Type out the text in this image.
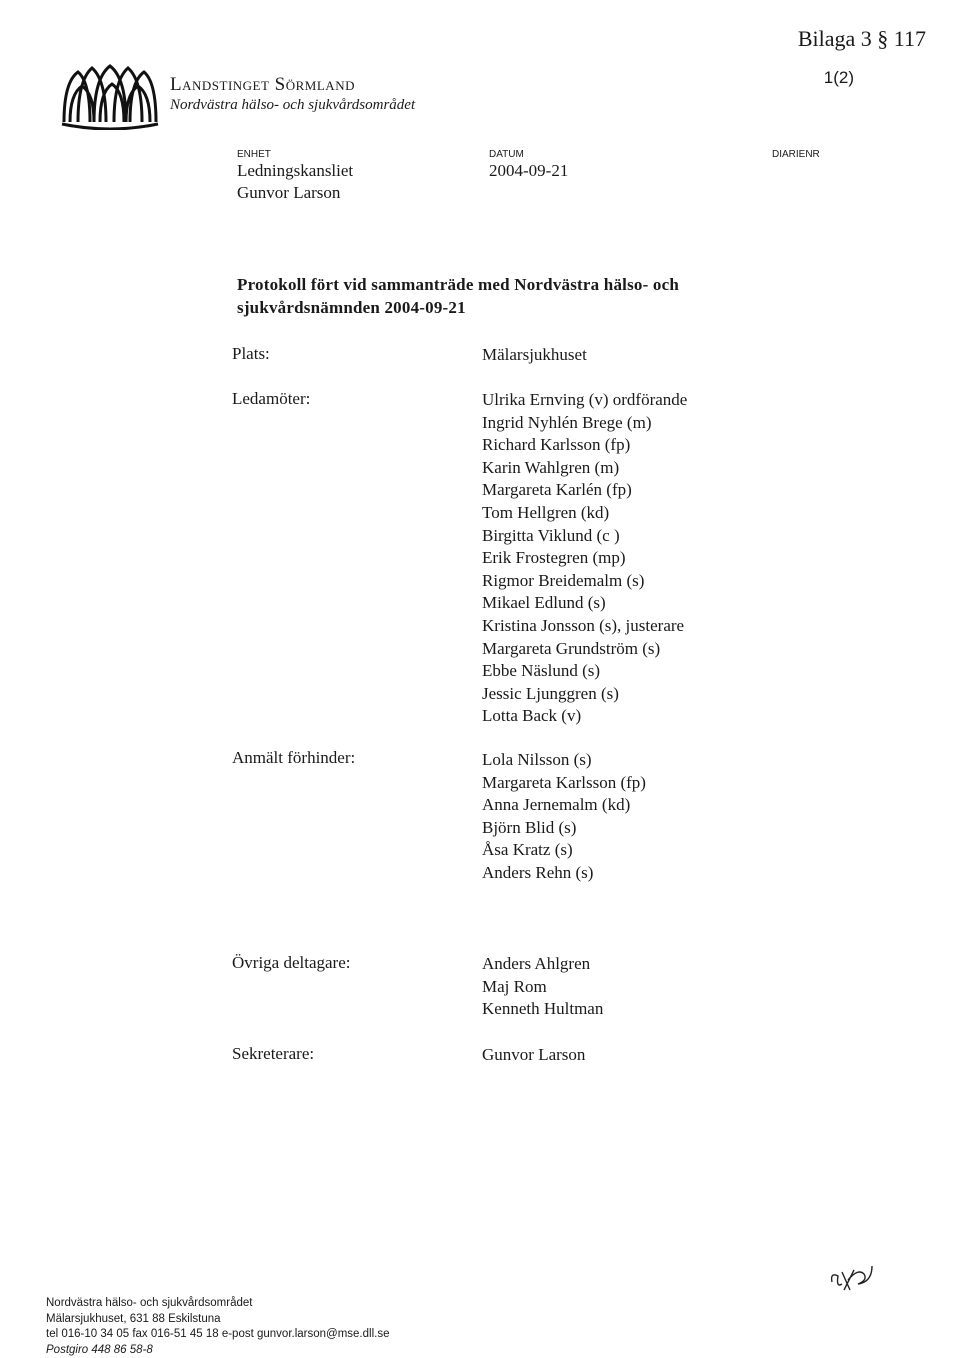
Bilaga 3 § 117
1(2)
Landstinget Sörmland
Nordvästra hälso- och sjukvårdsområdet
ENHET
Ledningskansliet
Gunvor Larson
DATUM
2004-09-21
DIARIENR
Protokoll fört vid sammanträde med Nordvästra hälso- och
sjukvårdsnämnden 2004-09-21
Plats:	Mälarsjukhuset
Ledamöter:	Ulrika Ernving (v) ordförande
Ingrid Nyhlén Brege (m)
Richard Karlsson (fp)
Karin Wahlgren (m)
Margareta Karlén (fp)
Tom Hellgren (kd)
Birgitta Viklund (c )
Erik Frostegren (mp)
Rigmor Breidemalm (s)
Mikael Edlund (s)
Kristina Jonsson (s), justerare
Margareta Grundström (s)
Ebbe Näslund (s)
Jessic Ljunggren (s)
Lotta Back (v)
Anmält förhinder:	Lola Nilsson (s)
Margareta Karlsson (fp)
Anna Jernemalm (kd)
Björn Blid (s)
Åsa Kratz (s)
Anders Rehn (s)
Övriga deltagare:	Anders Ahlgren
Maj Rom
Kenneth Hultman
Sekreterare:	Gunvor Larson
Nordvästra hälso- och sjukvårdsområdet
Mälarsjukhuset, 631 88 Eskilstuna
tel 016-10 34 05 fax 016-51 45 18 e-post gunvor.larson@mse.dll.se
Postgiro 448 86 58-8
